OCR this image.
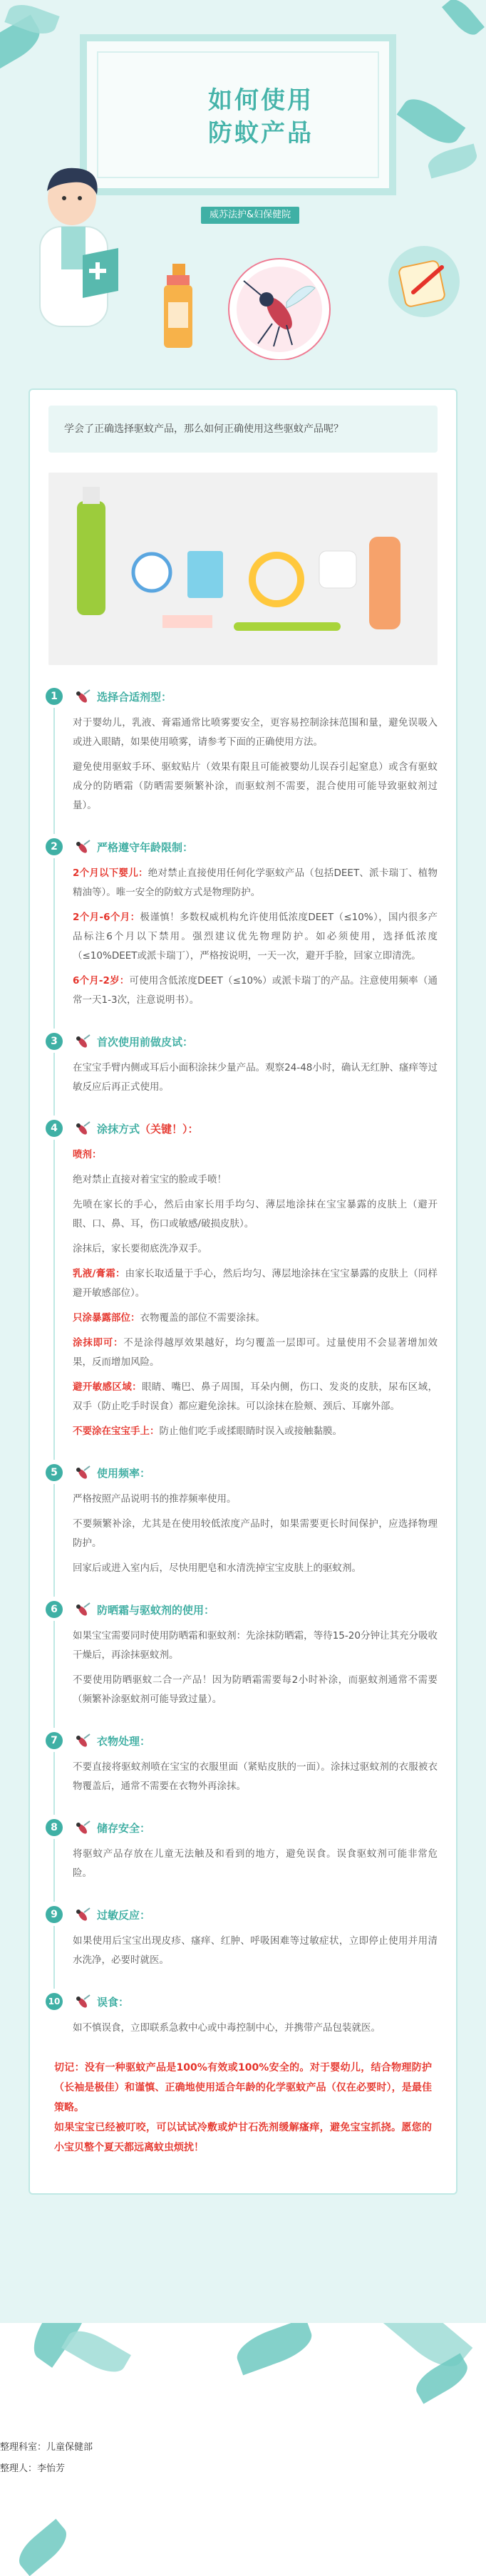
如何使用
防蚊产品
威苏法护&妇保健院
学会了正确选择驱蚊产品，那么如何正确使用这些驱蚊产品呢？
1	选择合适剂型：

对于婴幼儿，乳液、膏霜通常比喷雾要安全，更容易控制涂抹范围和量，避免误吸入或进入眼睛，如果使用喷雾，请参考下面的正确使用方法。

避免使用驱蚊手环、驱蚊贴片（效果有限且可能被婴幼儿误吞引起窒息）或含有驱蚊成分的防晒霜（防晒需要频繁补涂，而驱蚊剂不需要，混合使用可能导致驱蚊剂过量）。

2	严格遵守年龄限制：

2个月以下婴儿：绝对禁止直接使用任何化学驱蚊产品（包括DEET、派卡瑞丁、植物精油等）。唯一安全的防蚊方式是物理防护。

2个月-6个月：极谨慎！多数权威机构允许使用低浓度DEET（≤10%），国内很多产品标注6个月以下禁用。强烈建议优先物理防护。如必须使用，选择低浓度（≤10%DEET或派卡瑞丁），严格按说明，一天一次，避开手脸，回家立即清洗。

6个月-2岁：可使用含低浓度DEET（≤10%）或派卡瑞丁的产品。注意使用频率（通常一天1-3次，注意说明书）。

3	首次使用前做皮试：

在宝宝手臂内侧或耳后小面积涂抹少量产品。观察24-48小时，确认无红肿、瘙痒等过敏反应后再正式使用。

4	涂抹方式（关键！）：

喷剂：

绝对禁止直接对着宝宝的脸或手喷！

先喷在家长的手心，然后由家长用手均匀、薄层地涂抹在宝宝暴露的皮肤上（避开眼、口、鼻、耳，伤口或敏感/破损皮肤）。

涂抹后，家长要彻底洗净双手。

乳液/膏霜：由家长取适量于手心，然后均匀、薄层地涂抹在宝宝暴露的皮肤上（同样避开敏感部位）。

只涂暴露部位：衣物覆盖的部位不需要涂抹。

涂抹即可：不是涂得越厚效果越好，均匀覆盖一层即可。过量使用不会显著增加效果，反而增加风险。

避开敏感区域：眼睛、嘴巴、鼻子周围，耳朵内侧，伤口、发炎的皮肤，尿布区域，双手（防止吃手时误食）都应避免涂抹。可以涂抹在脸颊、颈后、耳廓外部。

不要涂在宝宝手上：防止他们吃手或揉眼睛时误入或接触黏膜。

5	使用频率：

严格按照产品说明书的推荐频率使用。

不要频繁补涂，尤其是在使用较低浓度产品时，如果需要更长时间保护，应选择物理防护。

回家后或进入室内后，尽快用肥皂和水清洗掉宝宝皮肤上的驱蚊剂。

6	防晒霜与驱蚊剂的使用：

如果宝宝需要同时使用防晒霜和驱蚊剂：先涂抹防晒霜，等待15-20分钟让其充分吸收干燥后，再涂抹驱蚊剂。

不要使用防晒驱蚊二合一产品！因为防晒霜需要每2小时补涂，而驱蚊剂通常不需要（频繁补涂驱蚊剂可能导致过量）。

7	衣物处理：

不要直接将驱蚊剂喷在宝宝的衣服里面（紧贴皮肤的一面）。涂抹过驱蚊剂的衣服被衣物覆盖后，通常不需要在衣物外再涂抹。

8	储存安全：

将驱蚊产品存放在儿童无法触及和看到的地方，避免误食。误食驱蚊剂可能非常危险。

9	过敏反应：

如果使用后宝宝出现皮疹、瘙痒、红肿、呼吸困难等过敏症状，立即停止使用并用清水洗净，必要时就医。

10	误食：

如不慎误食，立即联系急救中心或中毒控制中心，并携带产品包装就医。

切记：没有一种驱蚊产品是100%有效或100%安全的。对于婴幼儿，结合物理防护（长袖是极佳）和谨慎、正确地使用适合年龄的化学驱蚊产品（仅在必要时），是最佳策略。
如果宝宝已经被叮咬，可以试试冷敷或炉甘石洗剂缓解瘙痒，避免宝宝抓挠。愿您的小宝贝整个夏天都远离蚊虫烦扰！
整理科室：儿童保健部
整理人：李怡芳
